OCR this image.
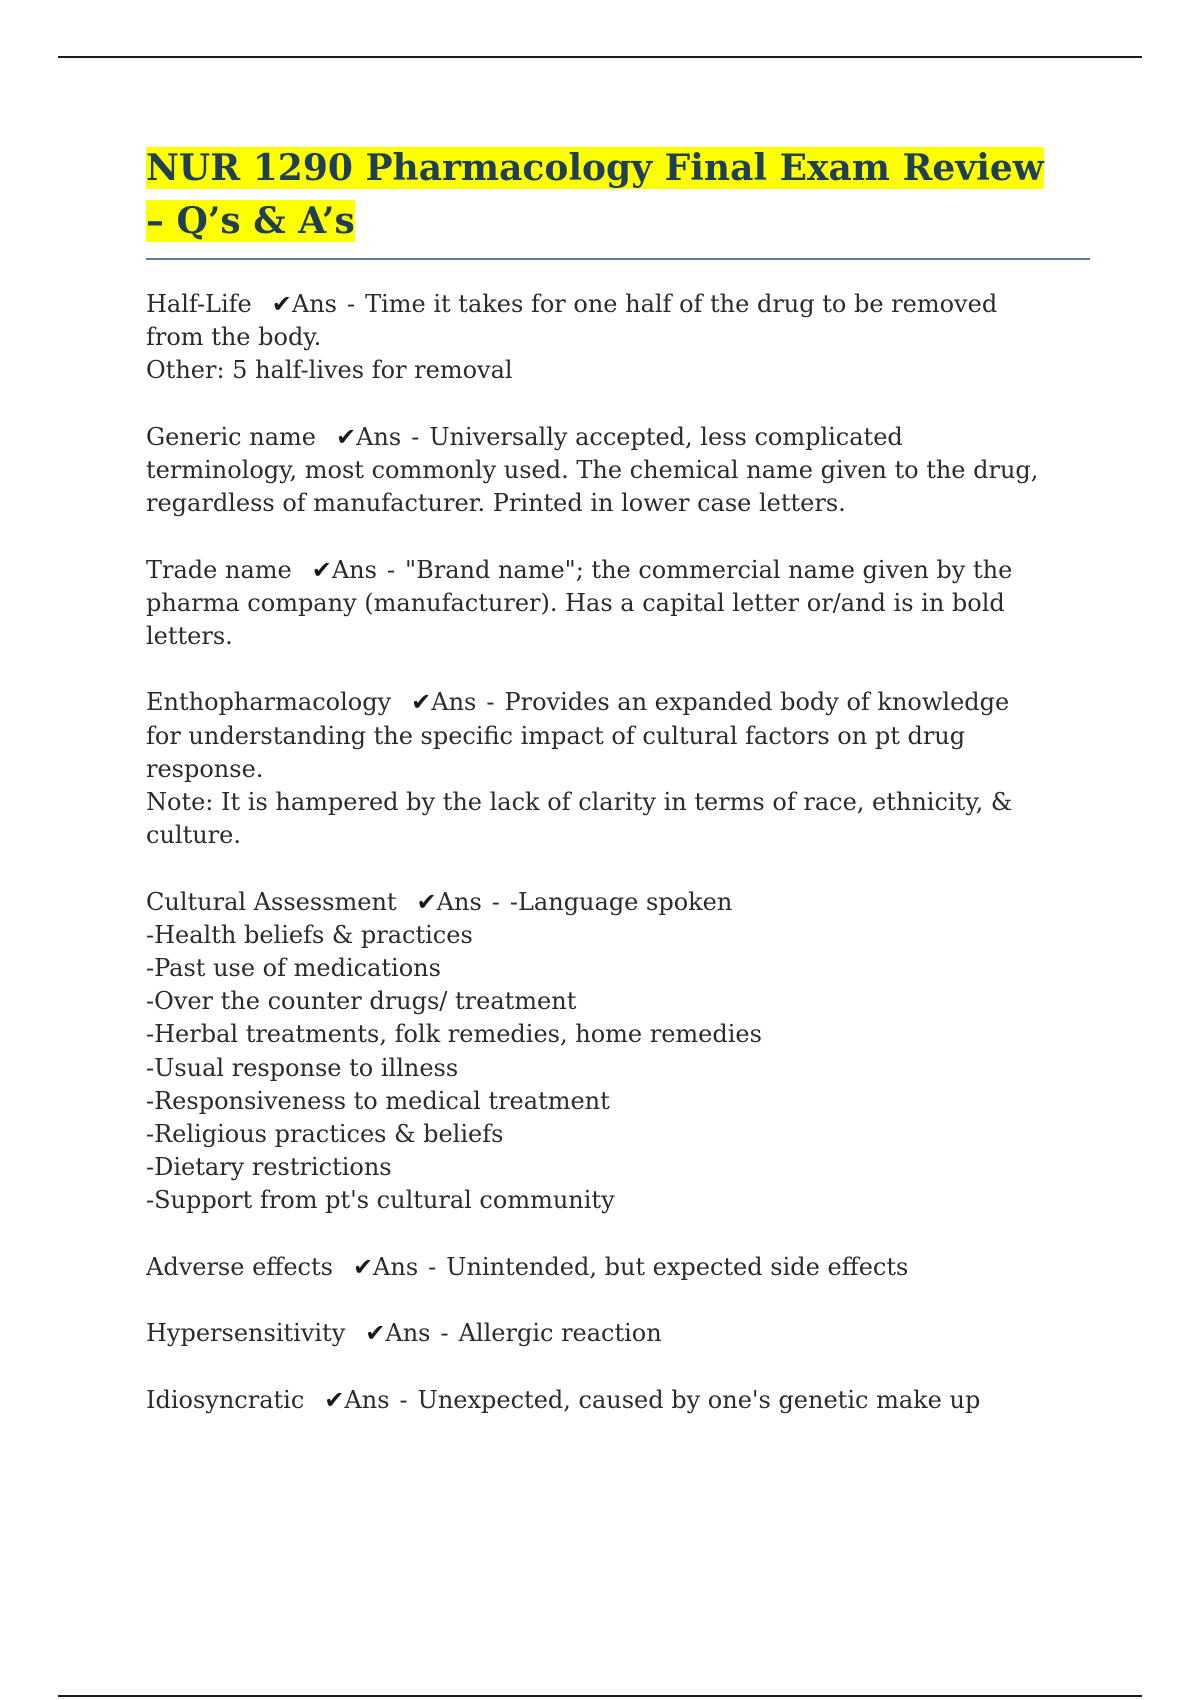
NUR 1290 Pharmacology Final Exam Review
– Q’s & A’s
Half-Life ✔Ans - Time it takes for one half of the drug to be removed
from the body.
Other: 5 half-lives for removal
Generic name ✔Ans - Universally accepted, less complicated
terminology, most commonly used. The chemical name given to the drug,
regardless of manufacturer. Printed in lower case letters.
Trade name ✔Ans - "Brand name"; the commercial name given by the
pharma company (manufacturer). Has a capital letter or/and is in bold
letters.
Enthopharmacology ✔Ans - Provides an expanded body of knowledge
for understanding the specific impact of cultural factors on pt drug
response.
Note: It is hampered by the lack of clarity in terms of race, ethnicity, &
culture.
Cultural Assessment ✔Ans - -Language spoken
-Health beliefs & practices
-Past use of medications
-Over the counter drugs/ treatment
-Herbal treatments, folk remedies, home remedies
-Usual response to illness
-Responsiveness to medical treatment
-Religious practices & beliefs
-Dietary restrictions
-Support from pt's cultural community
Adverse effects ✔Ans - Unintended, but expected side effects
Hypersensitivity ✔Ans - Allergic reaction
Idiosyncratic ✔Ans - Unexpected, caused by one's genetic make up
